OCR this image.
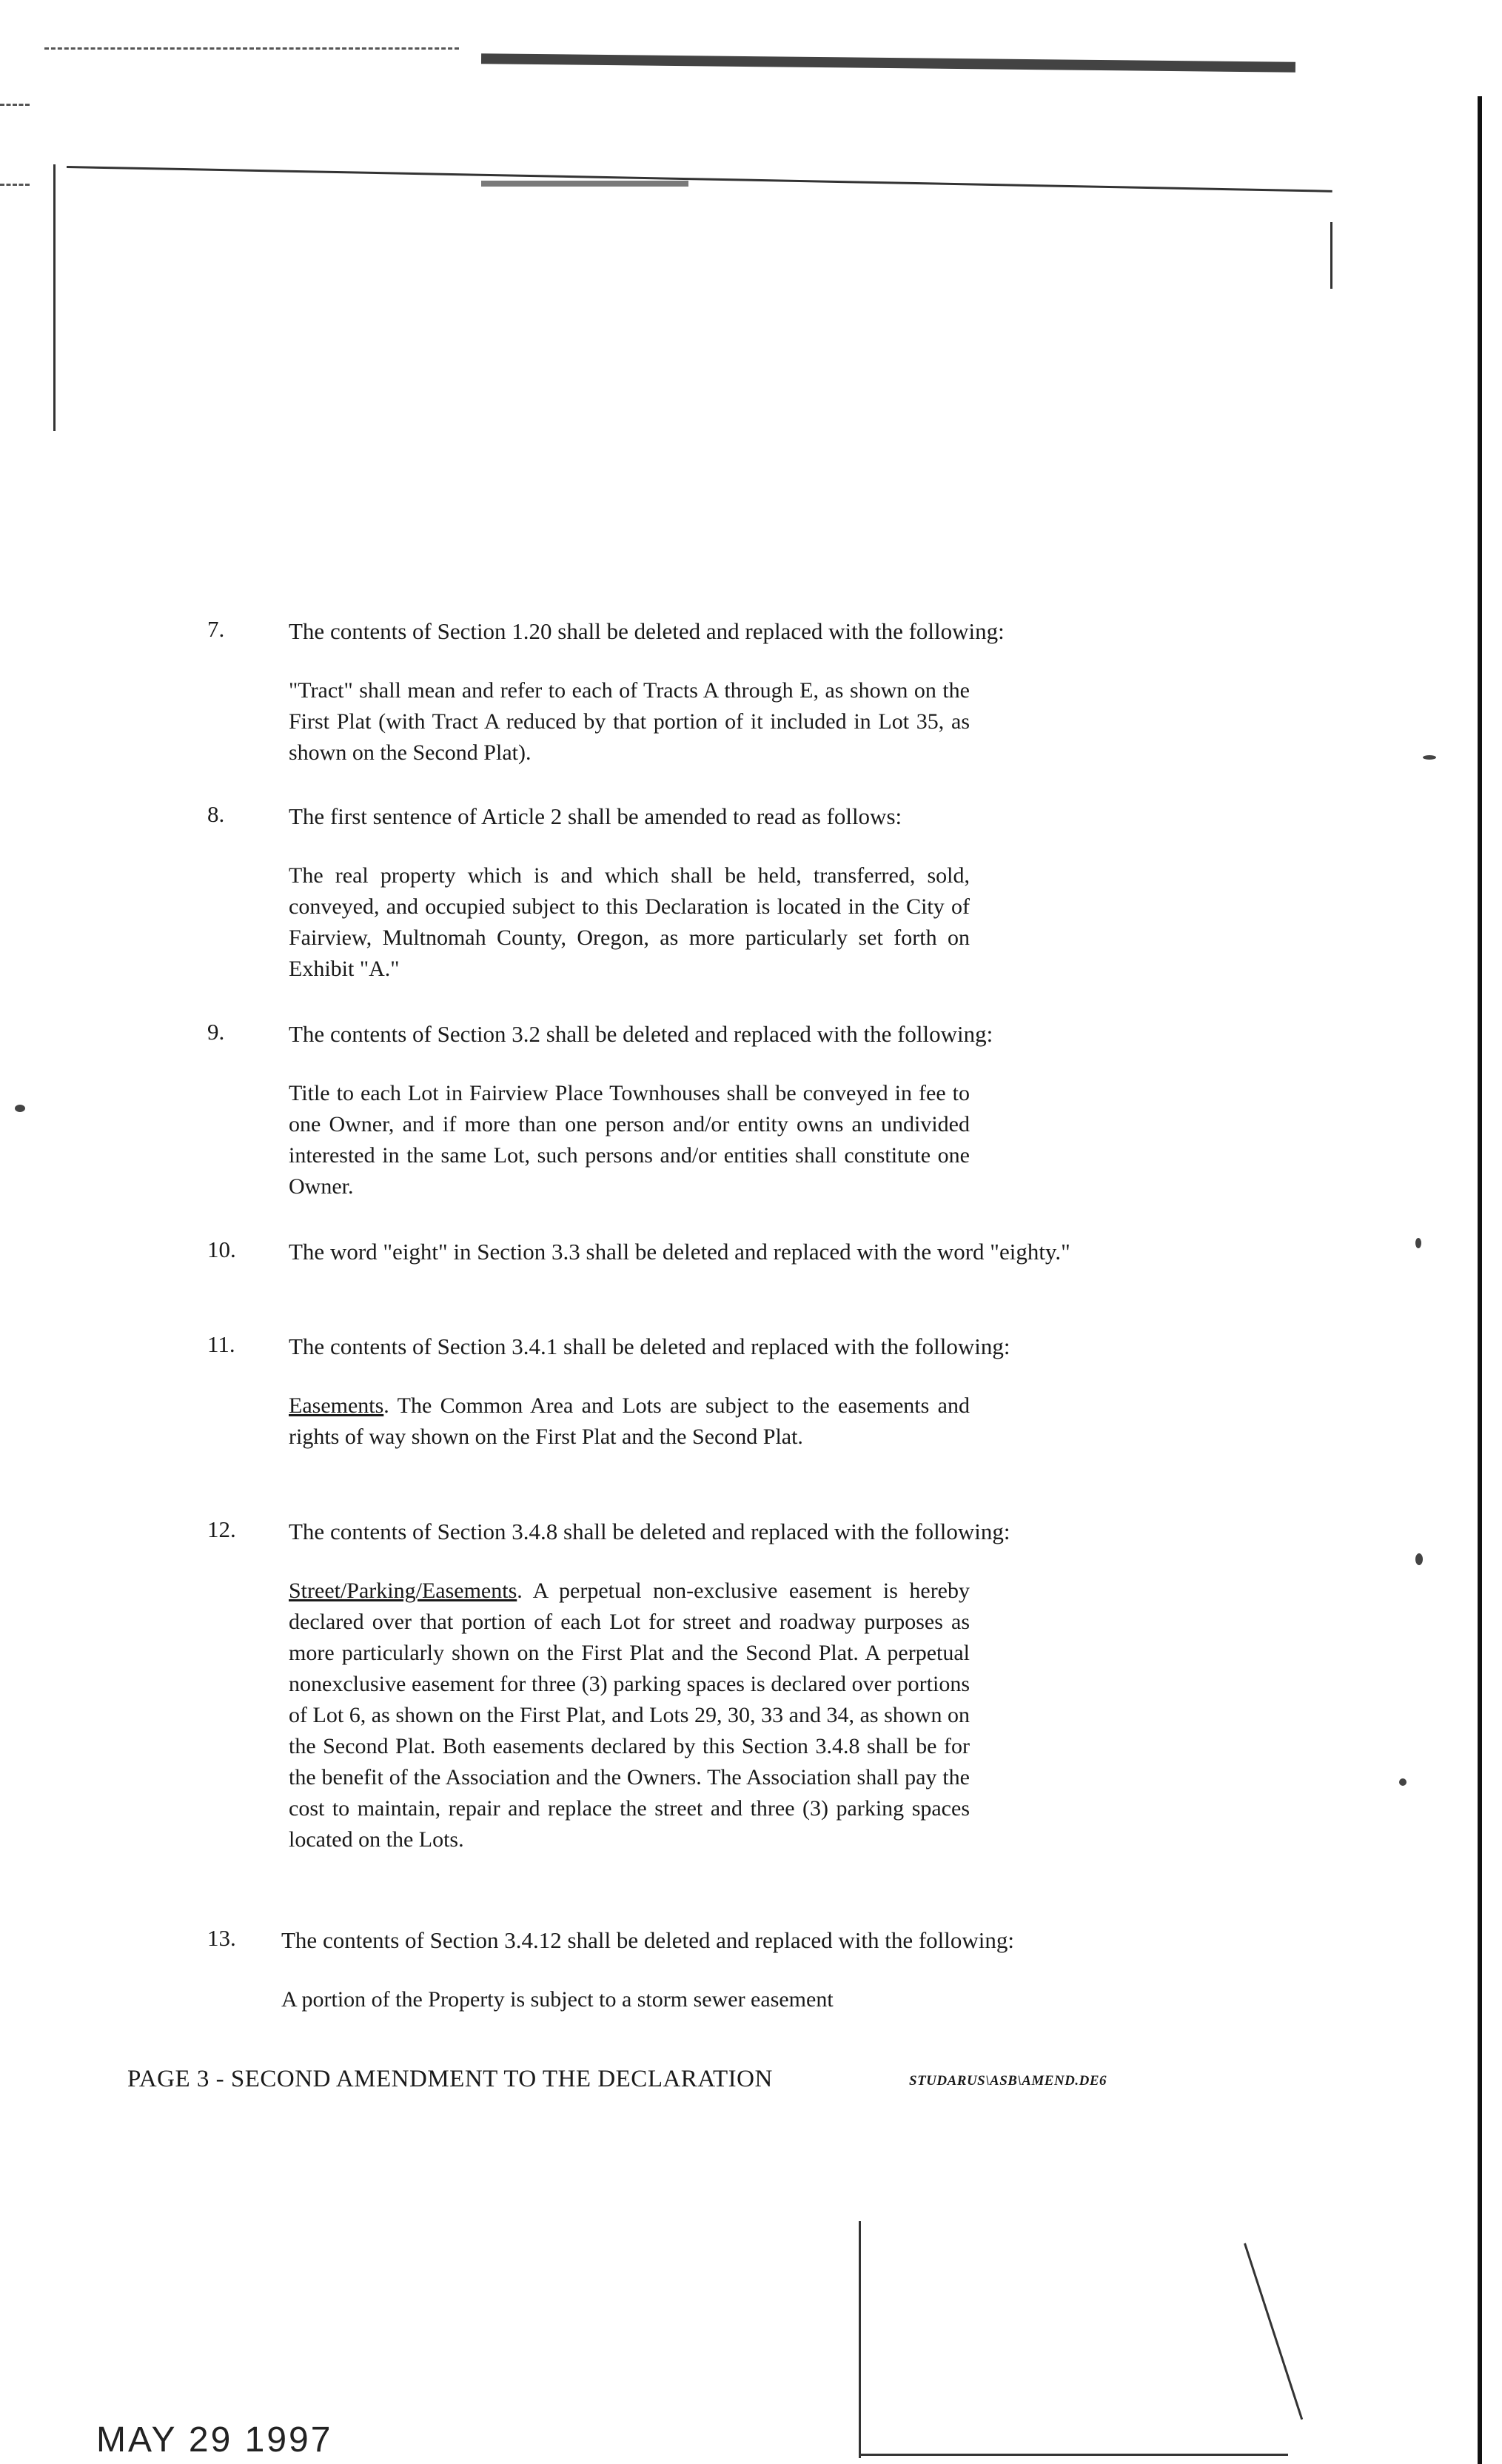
7.	The contents of Section 1.20 shall be deleted and replaced with the following:
"Tract" shall mean and refer to each of Tracts A through E, as shown on the First Plat (with Tract A reduced by that portion of it included in Lot 35, as shown on the Second Plat).
8.	The first sentence of Article 2 shall be amended to read as follows:
The real property which is and which shall be held, transferred, sold, conveyed, and occupied subject to this Declaration is located in the City of Fairview, Multnomah County, Oregon, as more particularly set forth on Exhibit "A."
9.	The contents of Section 3.2 shall be deleted and replaced with the following:
Title to each Lot in Fairview Place Townhouses shall be conveyed in fee to one Owner, and if more than one person and/or entity owns an undivided interested in the same Lot, such persons and/or entities shall constitute one Owner.
10. The word "eight" in Section 3.3 shall be deleted and replaced with the word "eighty."
11. The contents of Section 3.4.1 shall be deleted and replaced with the following:
Easements. The Common Area and Lots are subject to the easements and rights of way shown on the First Plat and the Second Plat.
12. The contents of Section 3.4.8 shall be deleted and replaced with the following:
Street/Parking/Easements. A perpetual non-exclusive easement is hereby declared over that portion of each Lot for street and roadway purposes as more particularly shown on the First Plat and the Second Plat. A perpetual nonexclusive easement for three (3) parking spaces is declared over portions of Lot 6, as shown on the First Plat, and Lots 29, 30, 33 and 34, as shown on the Second Plat. Both easements declared by this Section 3.4.8 shall be for the benefit of the Association and the Owners. The Association shall pay the cost to maintain, repair and replace the street and three (3) parking spaces located on the Lots.
13. The contents of Section 3.4.12 shall be deleted and replaced with the following:
A portion of the Property is subject to a storm sewer easement
PAGE 3 - SECOND AMENDMENT TO THE DECLARATION	STUDARUS\ASB\AMEND.DE6
MAY 29 1997
